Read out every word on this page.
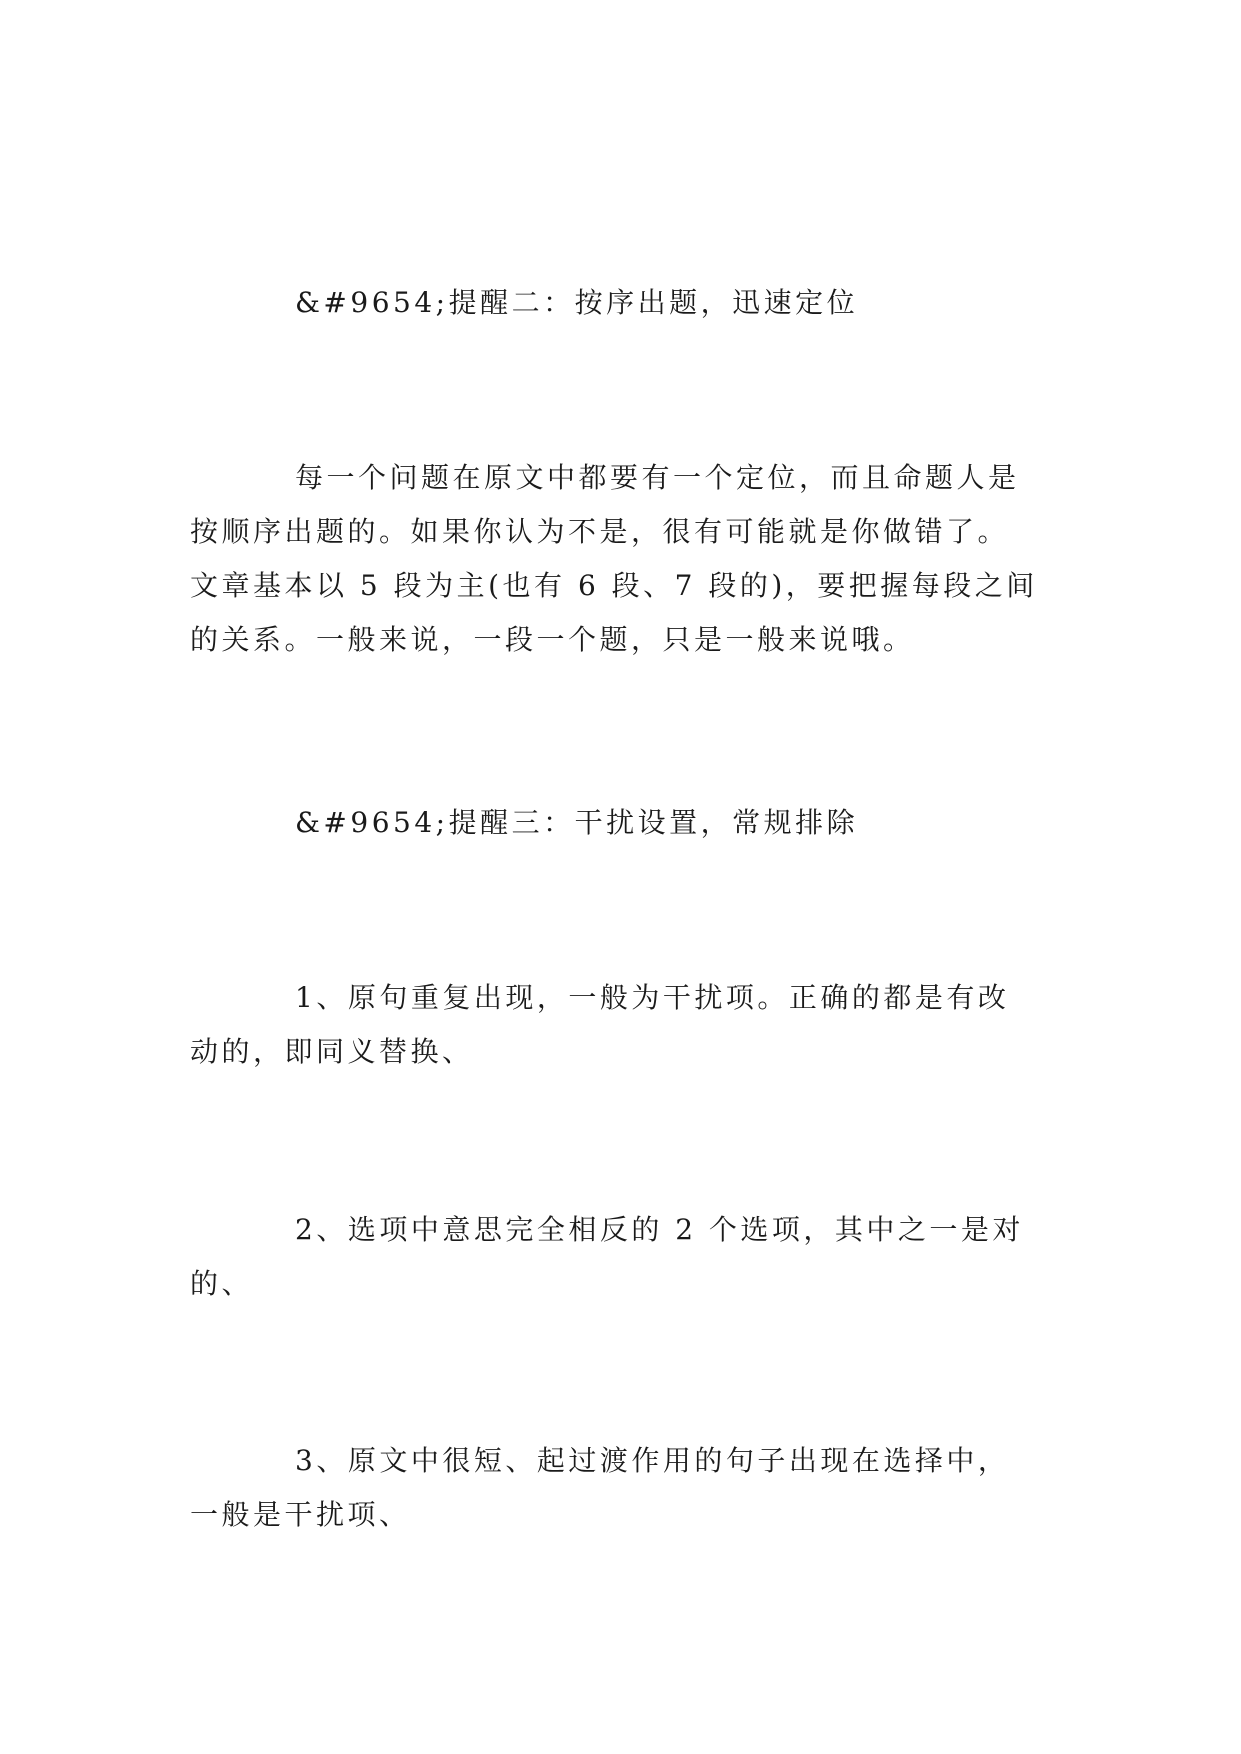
&#9654;提醒二：按序出题，迅速定位

每一个问题在原文中都要有一个定位，而且命题人是
按顺序出题的。如果你认为不是，很有可能就是你做错了。
文章基本以 5 段为主(也有 6 段、7 段的)，要把握每段之间
的关系。一般来说，一段一个题，只是一般来说哦。

&#9654;提醒三：干扰设置，常规排除

1、原句重复出现，一般为干扰项。正确的都是有改
动的，即同义替换、

2、选项中意思完全相反的 2 个选项，其中之一是对
的、

3、原文中很短、起过渡作用的句子出现在选择中，
一般是干扰项、
